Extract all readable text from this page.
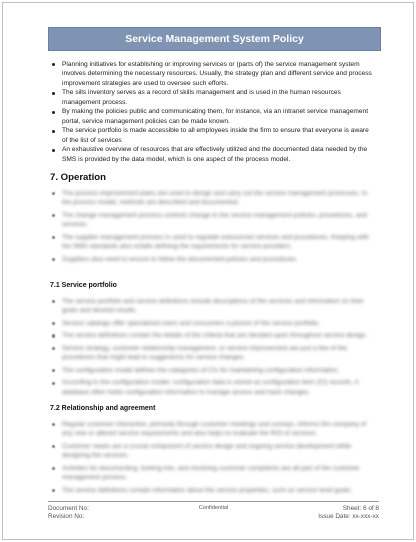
Service Management System Policy
Planning initiatives for establishing or improving services or (parts of) the service management system involves determining the necessary resources. Usually, the strategy plan and different service and process improvement strategies are used to oversee such efforts.
The sills inventory serves as a record of skills management and is used in the human resources management process.
By making the policies public and communicating them, for instance, via an intranet service management portal, service management policies can be made known.
The service portfolio is made accessible to all employees inside the firm to ensure that everyone is aware of the list of services
An exhaustive overview of resources that are effectively utilized and the documented data needed by the SMS is provided by the data model, which is one aspect of the process model.
7. Operation
The process improvement plans are used to design and carry out the service management processes. In the process model, methods are described and documented.
The change management process controls change to the service management policies, procedures, and services.
The supplier management process is used to regulate outsourced services and procedures. Keeping with the SMS standards also entails defining the requirements for service providers.
Suppliers also need to ensure to follow the documented policies and procedures.
7.1 Service portfolio
The service portfolio and service definitions include descriptions of the services and information on their goals and desired results.
Service catalogs offer specialized users and consumers a picture of the service portfolio.
The service definitions contain the details of the criteria that are decided upon throughout service design.
Service strategy, customer relationship management, or service improvement are just a few of the procedures that might lead to suggestions for service changes.
The configuration model defines the categories of CIs for maintaining configuration information.
According to the configuration model, configuration data is stored as configuration item (CI) records. A database often holds configuration information to manage access and track changes.
7.2 Relationship and agreement
Regular customer interaction, primarily through customer meetings and surveys, informs the company of any new or altered service requirements and also helps to evaluate the ROI of services.
Customer needs are a crucial component of service design and ongoing service development while designing the services.
Activities for documenting, looking into, and resolving customer complaints are all part of the customer management process.
The service definitions contain information about the service properties, such as service level goals.
Document No:	Confidential	Sheet: 6 of 8
Revision No:	Issue Date: xx-xxx-xx
